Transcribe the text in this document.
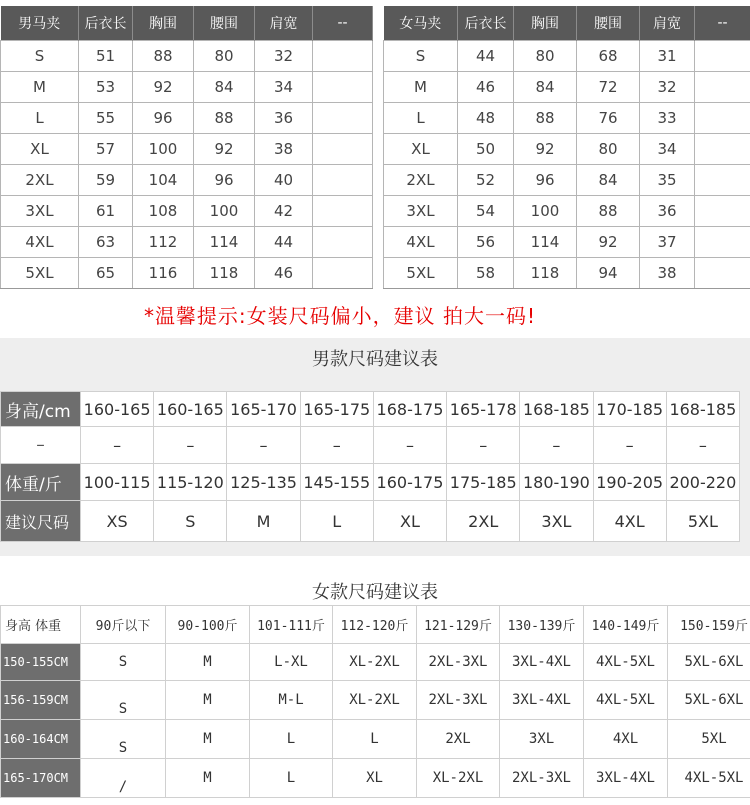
男马夹	后衣长	胸围	腰围	肩宽	--
S	51	88	80	32	
M	53	92	84	34	
L	55	96	88	36	
XL	57	100	92	38	
2XL	59	104	96	40	
3XL	61	108	100	42	
4XL	63	112	114	44	
5XL	65	116	118	46	
女马夹	后衣长	胸围	腰围	肩宽	--
S	44	80	68	31	
M	46	84	72	32	
L	48	88	76	33	
XL	50	92	80	34	
2XL	52	96	84	35	
3XL	54	100	88	36	
4XL	56	114	92	37	
5XL	58	118	94	38	
*温馨提示:女装尺码偏小，建议 拍大一码!
男款尺码建议表
身高/cm	160-165	160-165	165-170	165-175	168-175	165-178	168-185	170-185	168-185
–	–	–	–	–	–	–	–	–	–
体重/斤	100-115	115-120	125-135	145-155	160-175	175-185	180-190	190-205	200-220
建议尺码	XS	S	M	L	XL	2XL	3XL	4XL	5XL
女款尺码建议表
身高 体重	90斤以下	90-100斤	101-111斤	112-120斤	121-129斤	130-139斤	140-149斤	150-159斤
150-155CM	S	M	L-XL	XL-2XL	2XL-3XL	3XL-4XL	4XL-5XL	5XL-6XL
156-159CM	S	M	M-L	XL-2XL	2XL-3XL	3XL-4XL	4XL-5XL	5XL-6XL
160-164CM	S	M	L	L	2XL	3XL	4XL	5XL
165-170CM	/	M	L	XL	XL-2XL	2XL-3XL	3XL-4XL	4XL-5XL
